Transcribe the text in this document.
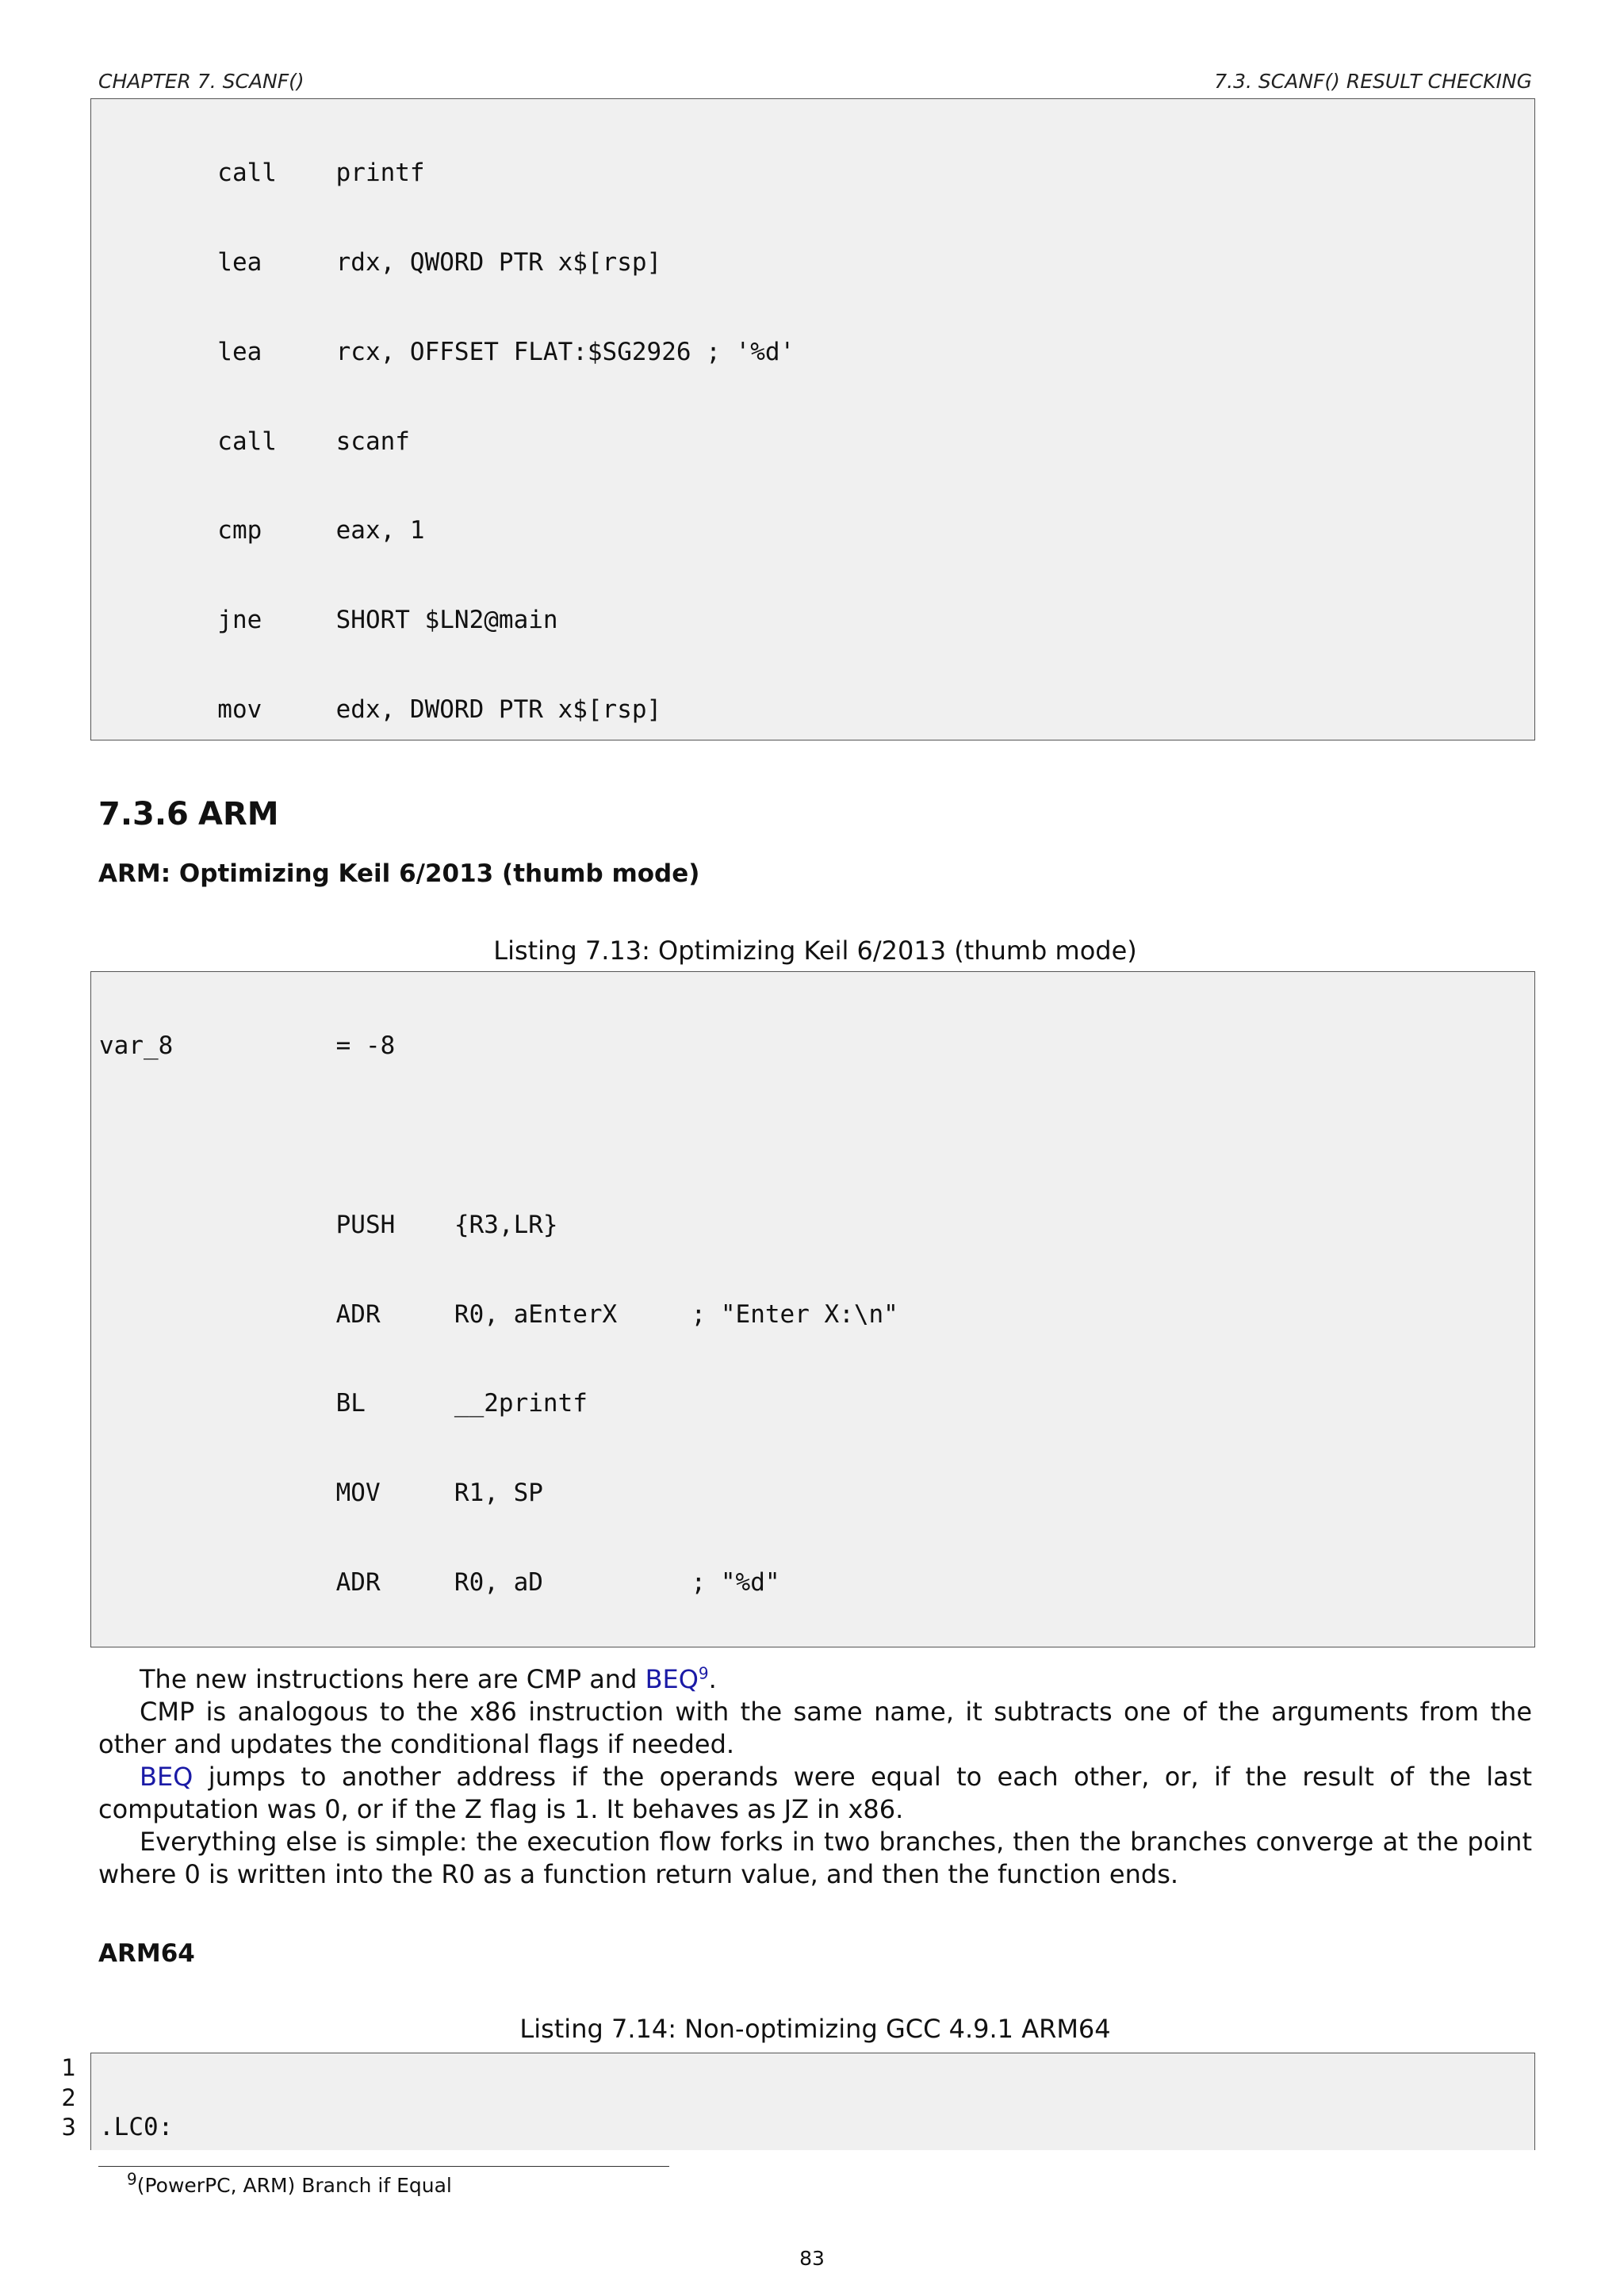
CHAPTER 7. SCANF()	7.3. SCANF() RESULT CHECKING

call    printf

lea     rdx, QWORD PTR x$[rsp]

lea     rcx, OFFSET FLAT:$SG2926 ; '%d'

call    scanf

cmp     eax, 1

jne     SHORT $LN2@main

mov     edx, DWORD PTR x$[rsp]

7.3.6 ARM
ARM: Optimizing Keil 6/2013 (thumb mode)
Listing 7.13: Optimizing Keil 6/2013 (thumb mode)

var_8           = -8

PUSH    {R3,LR}

ADR     R0, aEnterX     ; "Enter X:\n"

BL      __2printf

MOV     R1, SP

ADR     R0, aD          ; "%d"

The new instructions here are CMP and BEQ$^9$.

CMP is analogous to the x86 instruction with the same name, it subtracts one of the arguments from the other and updates the conditional flags if needed.

BEQ jumps to another address if the operands were equal to each other, or, if the result of the last computation was 0, or if the Z flag is 1. It behaves as JZ in x86.

Everything else is simple: the execution flow forks in two branches, then the branches converge at the point where 0 is written into the R0 as a function return value, and then the function ends.

ARM64
Listing 7.14: Non-optimizing GCC 4.9.1 ARM64
1
2
3

.LC0:

$^9$(PowerPC, ARM) Branch if Equal
83
